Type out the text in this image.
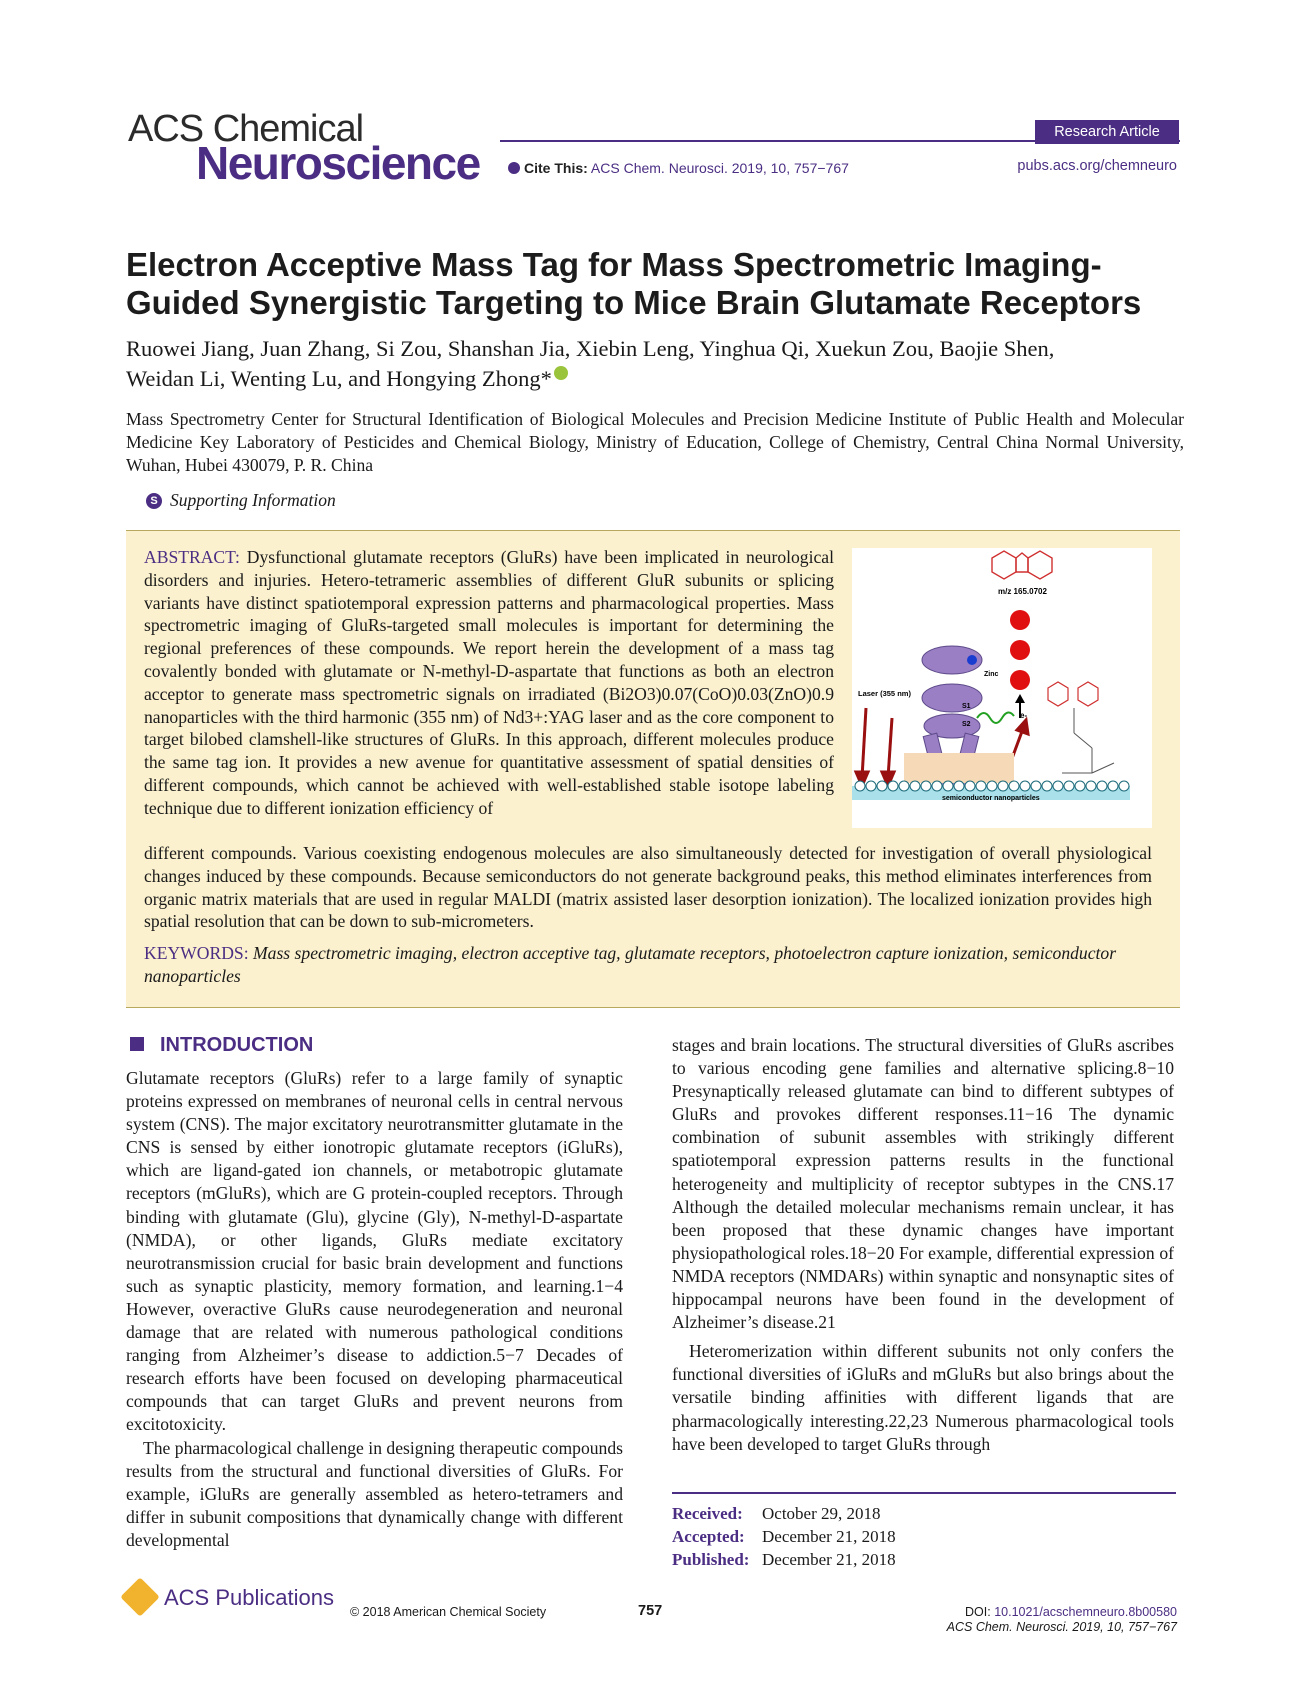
ACS Chemical
Neuroscience
Research Article
Cite This: ACS Chem. Neurosci. 2019, 10, 757−767	pubs.acs.org/chemneuro
Electron Acceptive Mass Tag for Mass Spectrometric Imaging-
Guided Synergistic Targeting to Mice Brain Glutamate Receptors
Ruowei Jiang, Juan Zhang, Si Zou, Shanshan Jia, Xiebin Leng, Yinghua Qi, Xuekun Zou, Baojie Shen,
Weidan Li, Wenting Lu, and Hongying Zhong*
Mass Spectrometry Center for Structural Identification of Biological Molecules and Precision Medicine Institute of Public Health and Molecular Medicine Key Laboratory of Pesticides and Chemical Biology, Ministry of Education, College of Chemistry, Central China Normal University, Wuhan, Hubei 430079, P. R. China
S Supporting Information
ABSTRACT: Dysfunctional glutamate receptors (GluRs) have been implicated in neurological disorders and injuries. Hetero-tetrameric assemblies of different GluR subunits or splicing variants have distinct spatiotemporal expression patterns and pharmacological properties. Mass spectrometric imaging of GluRs-targeted small molecules is important for determining the regional preferences of these compounds. We report herein the development of a mass tag covalently bonded with glutamate or N-methyl-D-aspartate that functions as both an electron acceptor to generate mass spectrometric signals on irradiated (Bi2O3)0.07(CoO)0.03(ZnO)0.9 nanoparticles with the third harmonic (355 nm) of Nd3+:YAG laser and as the core component to target bilobed clamshell-like structures of GluRs. In this approach, different molecules produce the same tag ion. It provides a new avenue for quantitative assessment of spatial densities of different compounds, which cannot be achieved with well-established stable isotope labeling technique due to different ionization efficiency of
different compounds. Various coexisting endogenous molecules are also simultaneously detected for investigation of overall physiological changes induced by these compounds. Because semiconductors do not generate background peaks, this method eliminates interferences from organic matrix materials that are used in regular MALDI (matrix assisted laser desorption ionization). The localized ionization provides high spatial resolution that can be down to sub-micrometers.
KEYWORDS: Mass spectrometric imaging, electron acceptive tag, glutamate receptors, photoelectron capture ionization, semiconductor nanoparticles
m/z 165.0702
Zinc
S1
S2
Laser (355 nm)
e-
semiconductor nanoparticles
INTRODUCTION

Glutamate receptors (GluRs) refer to a large family of synaptic proteins expressed on membranes of neuronal cells in central nervous system (CNS). The major excitatory neurotransmitter glutamate in the CNS is sensed by either ionotropic glutamate receptors (iGluRs), which are ligand-gated ion channels, or metabotropic glutamate receptors (mGluRs), which are G protein-coupled receptors. Through binding with glutamate (Glu), glycine (Gly), N-methyl-D-aspartate (NMDA), or other ligands, GluRs mediate excitatory neurotransmission crucial for basic brain development and functions such as synaptic plasticity, memory formation, and learning.1−4 However, overactive GluRs cause neurodegeneration and neuronal damage that are related with numerous pathological conditions ranging from Alzheimer’s disease to addiction.5−7 Decades of research efforts have been focused on developing pharmaceutical compounds that can target GluRs and prevent neurons from excitotoxicity.

The pharmacological challenge in designing therapeutic compounds results from the structural and functional diversities of GluRs. For example, iGluRs are generally assembled as hetero-tetramers and differ in subunit compositions that dynamically change with different developmental

stages and brain locations. The structural diversities of GluRs ascribes to various encoding gene families and alternative splicing.8−10 Presynaptically released glutamate can bind to different subtypes of GluRs and provokes different responses.11−16 The dynamic combination of subunit assembles with strikingly different spatiotemporal expression patterns results in the functional heterogeneity and multiplicity of receptor subtypes in the CNS.17 Although the detailed molecular mechanisms remain unclear, it has been proposed that these dynamic changes have important physiopathological roles.18−20 For example, differential expression of NMDA receptors (NMDARs) within synaptic and nonsynaptic sites of hippocampal neurons have been found in the development of Alzheimer’s disease.21

Heteromerization within different subunits not only confers the functional diversities of iGluRs and mGluRs but also brings about the versatile binding affinities with different ligands that are pharmacologically interesting.22,23 Numerous pharmacological tools have been developed to target GluRs through

Received: October 29, 2018
Accepted: December 21, 2018
Published: December 21, 2018
ACS Publications
© 2018 American Chemical Society	757	DOI: 10.1021/acschemneuro.8b00580
ACS Chem. Neurosci. 2019, 10, 757−767
